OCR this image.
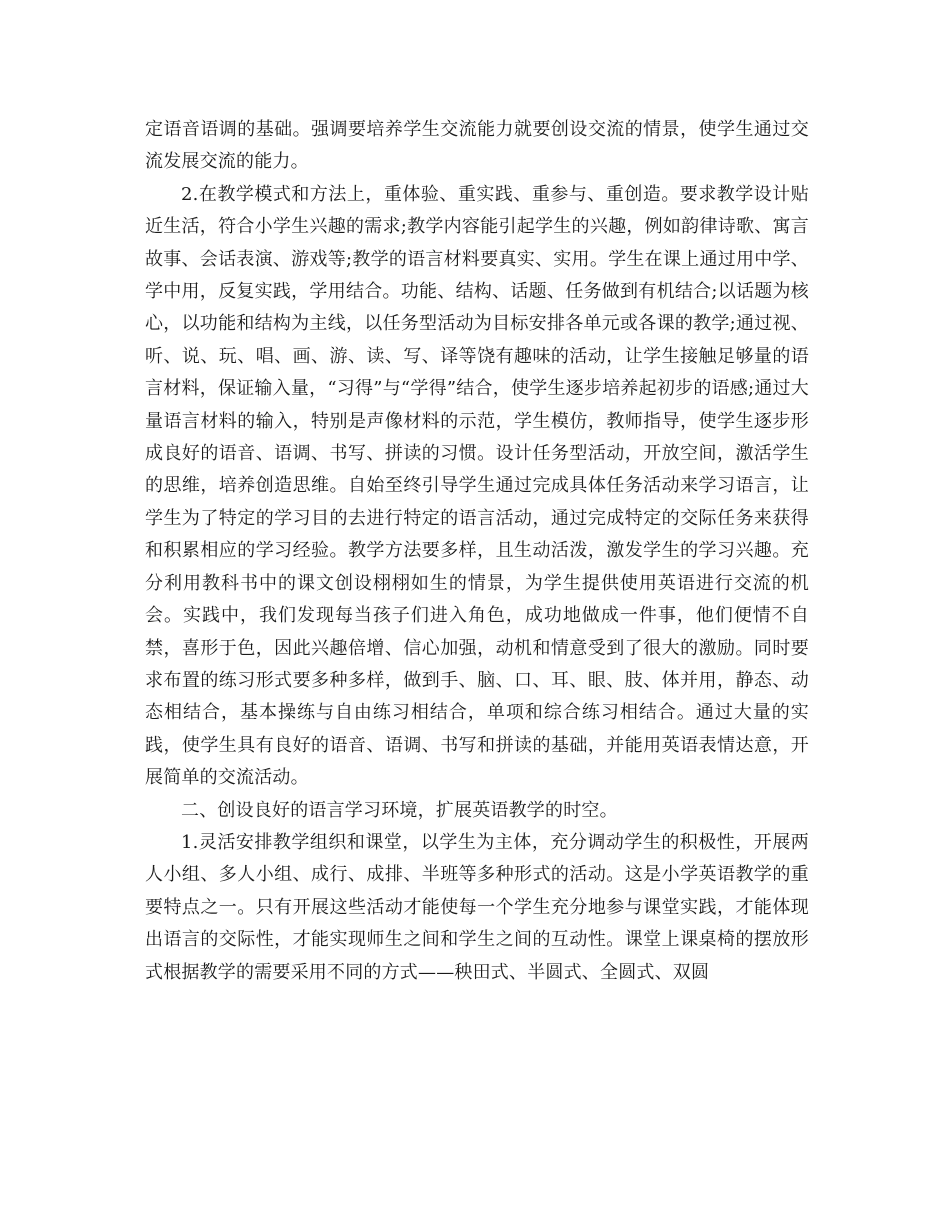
定语音语调的基础。强调要培养学生交流能力就要创设交流的情景，使学生通过交流发展交流的能力。

2.在教学模式和方法上，重体验、重实践、重参与、重创造。要求教学设计贴近生活，符合小学生兴趣的需求;教学内容能引起学生的兴趣，例如韵律诗歌、寓言故事、会话表演、游戏等;教学的语言材料要真实、实用。学生在课上通过用中学、学中用，反复实践，学用结合。功能、结构、话题、任务做到有机结合;以话题为核心，以功能和结构为主线，以任务型活动为目标安排各单元或各课的教学;通过视、听、说、玩、唱、画、游、读、写、译等饶有趣味的活动，让学生接触足够量的语言材料，保证输入量，“习得”与“学得”结合，使学生逐步培养起初步的语感;通过大量语言材料的输入，特别是声像材料的示范，学生模仿，教师指导，使学生逐步形成良好的语音、语调、书写、拼读的习惯。设计任务型活动，开放空间，激活学生的思维，培养创造思维。自始至终引导学生通过完成具体任务活动来学习语言，让学生为了特定的学习目的去进行特定的语言活动，通过完成特定的交际任务来获得和积累相应的学习经验。教学方法要多样，且生动活泼，激发学生的学习兴趣。充分利用教科书中的课文创设栩栩如生的情景，为学生提供使用英语进行交流的机会。实践中，我们发现每当孩子们进入角色，成功地做成一件事，他们便情不自禁，喜形于色，因此兴趣倍增、信心加强，动机和情意受到了很大的激励。同时要求布置的练习形式要多种多样，做到手、脑、口、耳、眼、肢、体并用，静态、动态相结合，基本操练与自由练习相结合，单项和综合练习相结合。通过大量的实践，使学生具有良好的语音、语调、书写和拼读的基础，并能用英语表情达意，开展简单的交流活动。

二、创设良好的语言学习环境，扩展英语教学的时空。

1.灵活安排教学组织和课堂，以学生为主体，充分调动学生的积极性，开展两人小组、多人小组、成行、成排、半班等多种形式的活动。这是小学英语教学的重要特点之一。只有开展这些活动才能使每一个学生充分地参与课堂实践，才能体现出语言的交际性，才能实现师生之间和学生之间的互动性。课堂上课桌椅的摆放形式根据教学的需要采用不同的方式——秧田式、半圆式、全圆式、双圆
